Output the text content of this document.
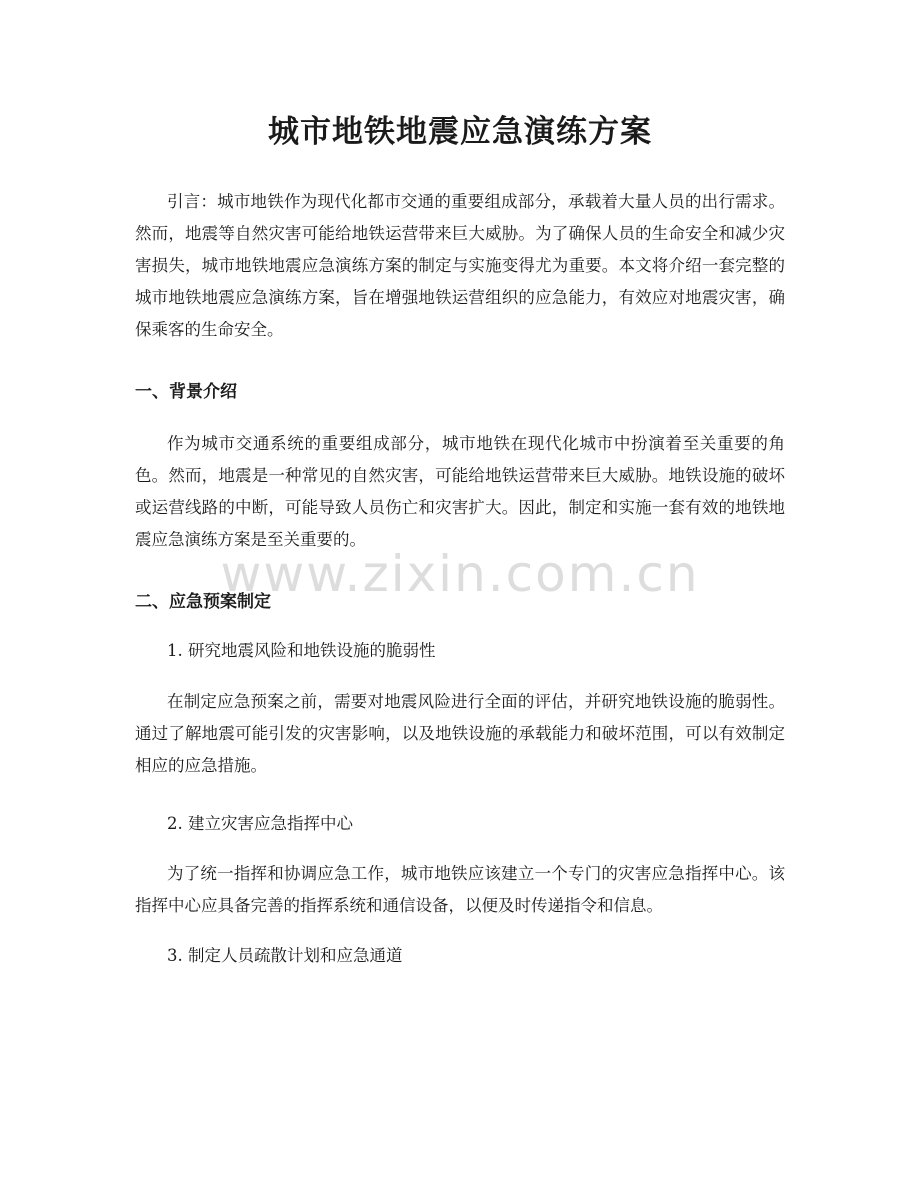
城市地铁地震应急演练方案

引言：城市地铁作为现代化都市交通的重要组成部分，承载着大量人员的出行需求。然而，地震等自然灾害可能给地铁运营带来巨大威胁。为了确保人员的生命安全和减少灾害损失，城市地铁地震应急演练方案的制定与实施变得尤为重要。本文将介绍一套完整的城市地铁地震应急演练方案，旨在增强地铁运营组织的应急能力，有效应对地震灾害，确保乘客的生命安全。

一、背景介绍

作为城市交通系统的重要组成部分，城市地铁在现代化城市中扮演着至关重要的角色。然而，地震是一种常见的自然灾害，可能给地铁运营带来巨大威胁。地铁设施的破坏或运营线路的中断，可能导致人员伤亡和灾害扩大。因此，制定和实施一套有效的地铁地震应急演练方案是至关重要的。

二、应急预案制定

1. 研究地震风险和地铁设施的脆弱性

在制定应急预案之前，需要对地震风险进行全面的评估，并研究地铁设施的脆弱性。通过了解地震可能引发的灾害影响，以及地铁设施的承载能力和破坏范围，可以有效制定相应的应急措施。

2. 建立灾害应急指挥中心

为了统一指挥和协调应急工作，城市地铁应该建立一个专门的灾害应急指挥中心。该指挥中心应具备完善的指挥系统和通信设备，以便及时传递指令和信息。

3. 制定人员疏散计划和应急通道

www.zixin.com.cn
